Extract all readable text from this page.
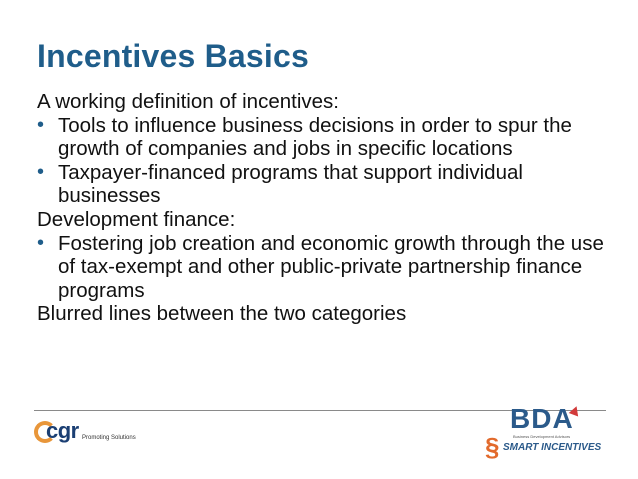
Incentives Basics
A working definition of incentives:
• Tools to influence business decisions in order to spur the growth of companies and jobs in specific locations
• Taxpayer-financed programs that support individual businesses
Development finance:
• Fostering job creation and economic growth through the use of tax-exempt and other public-private partnership finance programs
Blurred lines between the two categories
cgr Promoting Solutions
BDA
Business Development Advisors
§ SMART INCENTIVES
